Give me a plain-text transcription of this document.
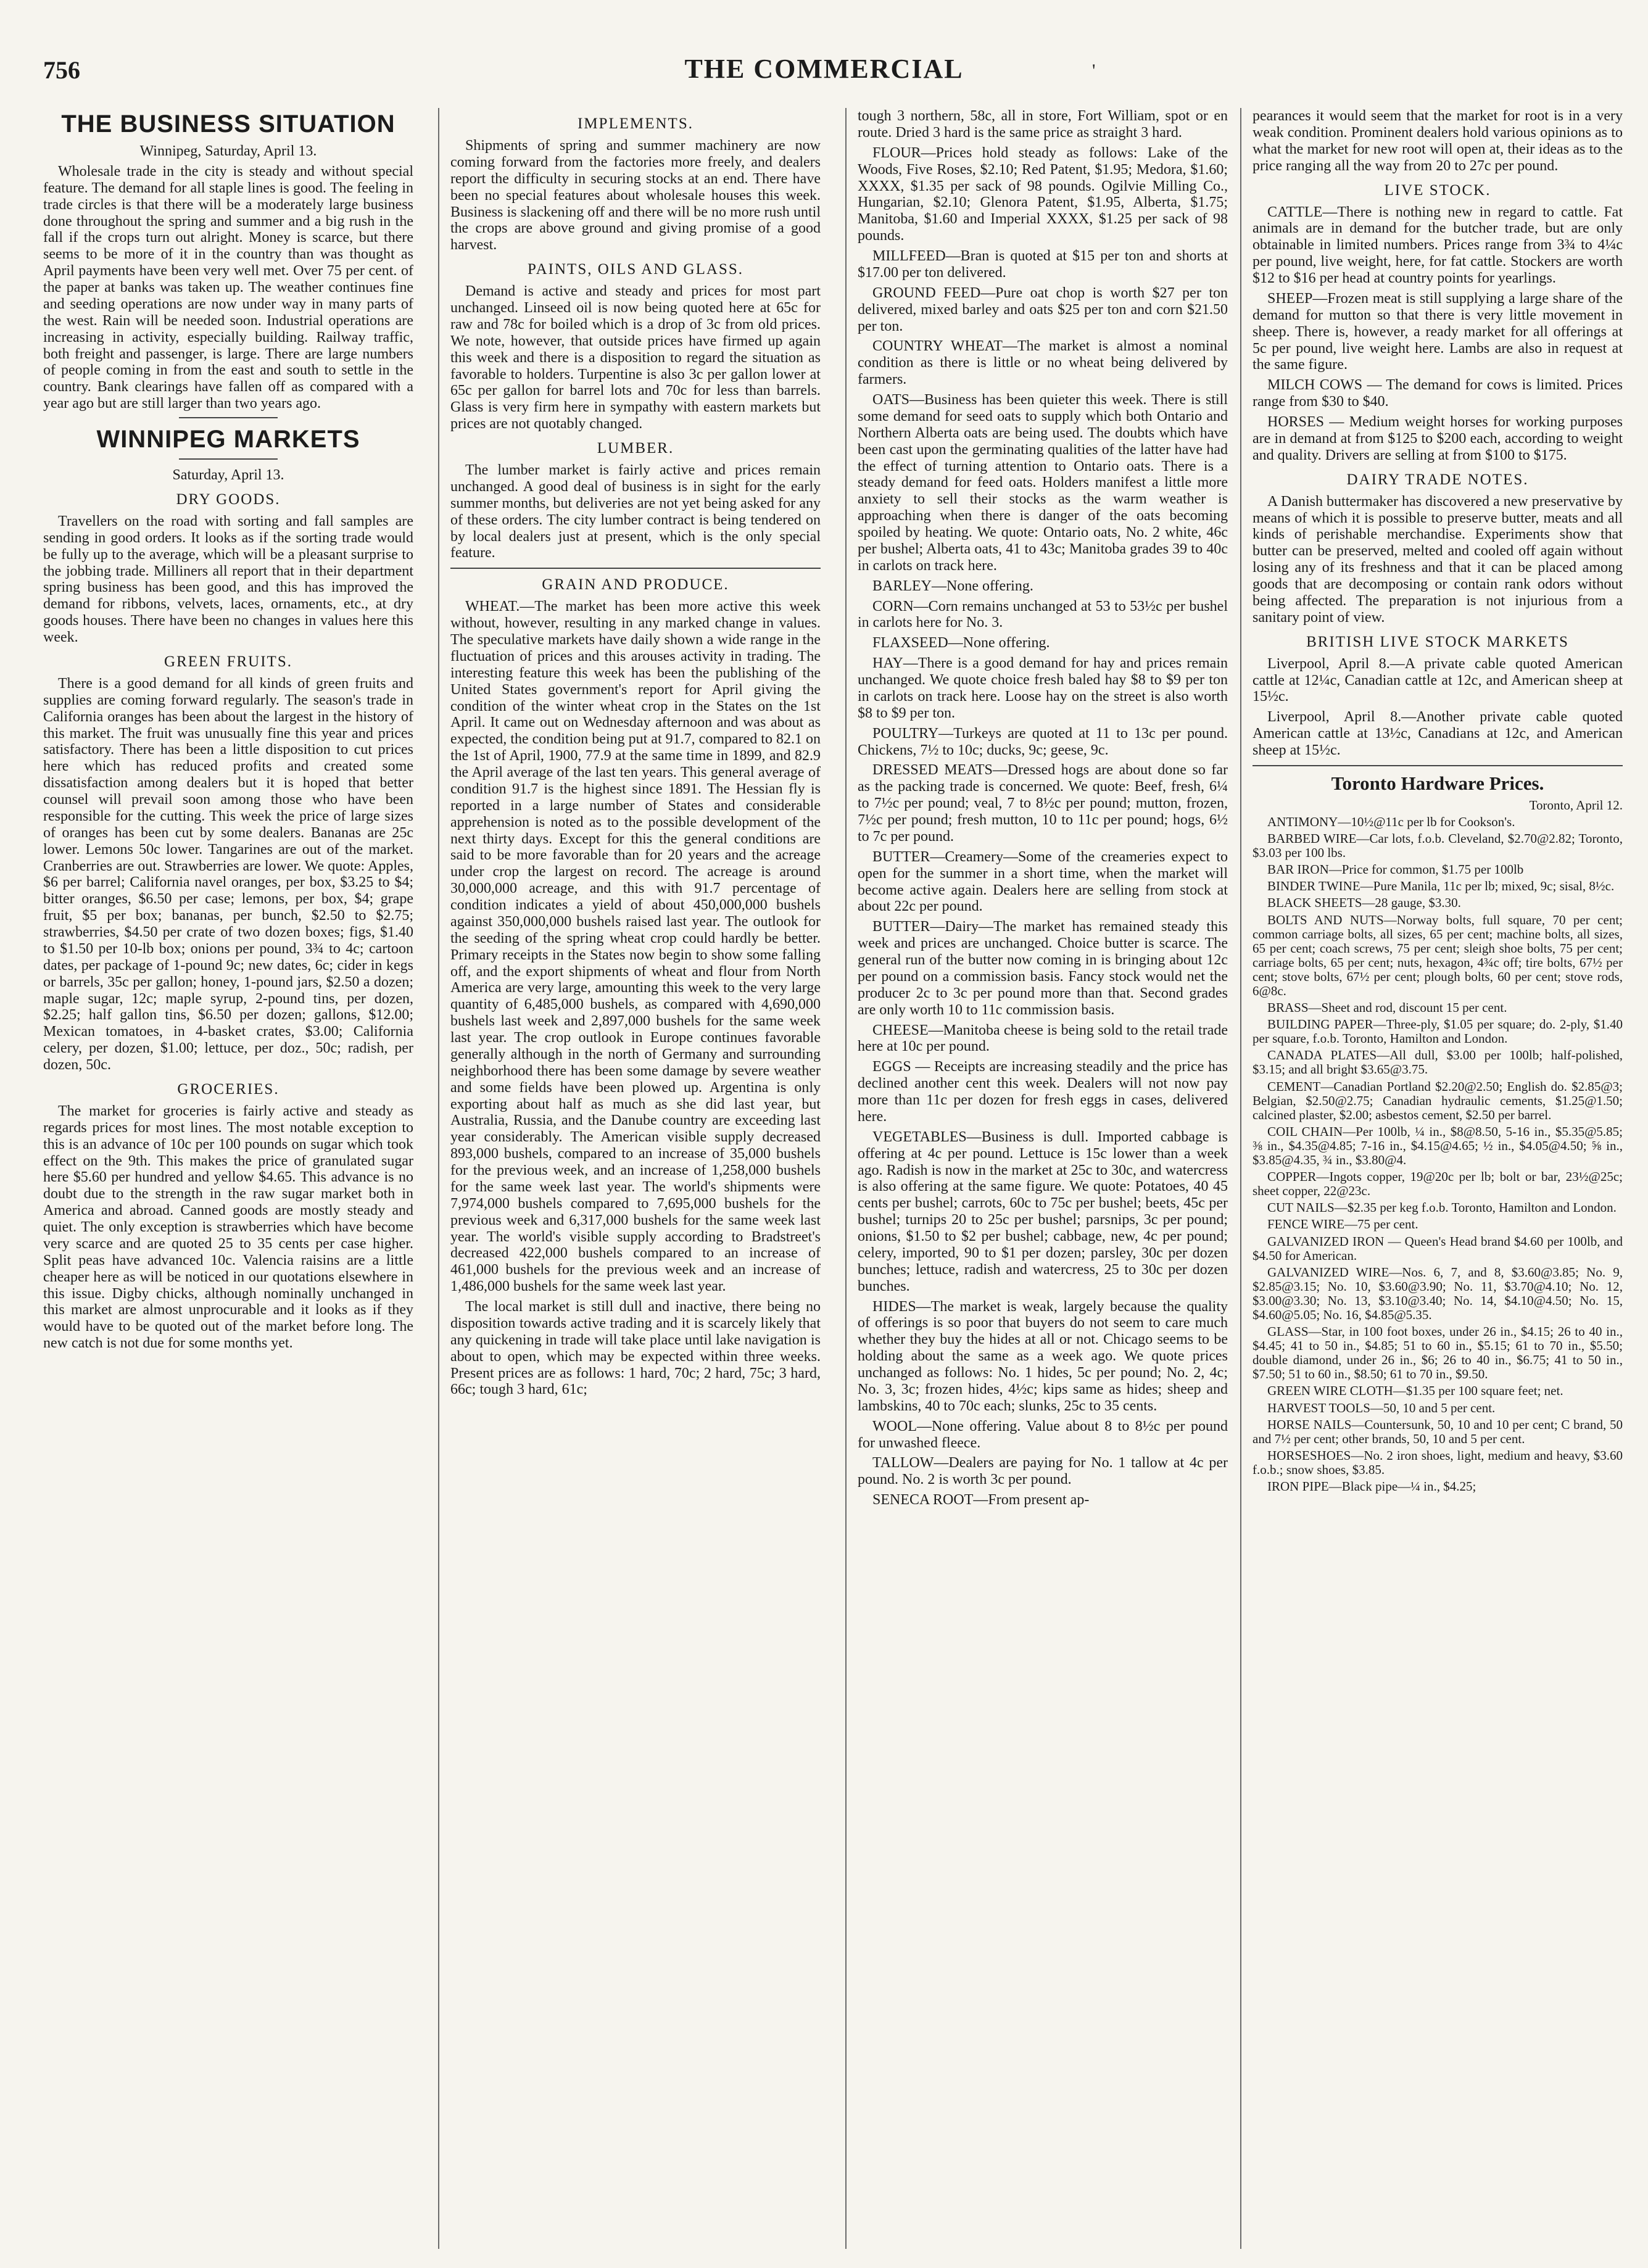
756	THE COMMERCIAL	'
THE BUSINESS SITUATION

Winnipeg, Saturday, April 13.

Wholesale trade in the city is steady and without special feature. The demand for all staple lines is good. The feeling in trade circles is that there will be a moderately large business done throughout the spring and summer and a big rush in the fall if the crops turn out alright. Money is scarce, but there seems to be more of it in the country than was thought as April payments have been very well met. Over 75 per cent. of the paper at banks was taken up. The weather continues fine and seeding operations are now under way in many parts of the west. Rain will be needed soon. Industrial operations are increasing in activity, especially building. Railway traffic, both freight and passenger, is large. There are large numbers of people coming in from the east and south to settle in the country. Bank clearings have fallen off as compared with a year ago but are still larger than two years ago.

WINNIPEG MARKETS

Saturday, April 13.

DRY GOODS.

Travellers on the road with sorting and fall samples are sending in good orders. It looks as if the sorting trade would be fully up to the average, which will be a pleasant surprise to the jobbing trade. Milliners all report that in their department spring business has been good, and this has improved the demand for ribbons, velvets, laces, ornaments, etc., at dry goods houses. There have been no changes in values here this week.

GREEN FRUITS.

There is a good demand for all kinds of green fruits and supplies are coming forward regularly. The season's trade in California oranges has been about the largest in the history of this market. The fruit was unusually fine this year and prices satisfactory. There has been a little disposition to cut prices here which has reduced profits and created some dissatisfaction among dealers but it is hoped that better counsel will prevail soon among those who have been responsible for the cutting. This week the price of large sizes of oranges has been cut by some dealers. Bananas are 25c lower. Lemons 50c lower. Tangarines are out of the market. Cranberries are out. Strawberries are lower. We quote: Apples, $6 per barrel; California navel oranges, per box, $3.25 to $4; bitter oranges, $6.50 per case; lemons, per box, $4; grape fruit, $5 per box; bananas, per bunch, $2.50 to $2.75; strawberries, $4.50 per crate of two dozen boxes; figs, $1.40 to $1.50 per 10-lb box; onions per pound, 3¾ to 4c; cartoon dates, per package of 1-pound 9c; new dates, 6c; cider in kegs or barrels, 35c per gallon; honey, 1-pound jars, $2.50 a dozen; maple sugar, 12c; maple syrup, 2-pound tins, per dozen, $2.25; half gallon tins, $6.50 per dozen; gallons, $12.00; Mexican tomatoes, in 4-basket crates, $3.00; California celery, per dozen, $1.00; lettuce, per doz., 50c; radish, per dozen, 50c.

GROCERIES.

The market for groceries is fairly active and steady as regards prices for most lines. The most notable exception to this is an advance of 10c per 100 pounds on sugar which took effect on the 9th. This makes the price of granulated sugar here $5.60 per hundred and yellow $4.65. This advance is no doubt due to the strength in the raw sugar market both in America and abroad. Canned goods are mostly steady and quiet. The only exception is strawberries which have become very scarce and are quoted 25 to 35 cents per case higher. Split peas have advanced 10c. Valencia raisins are a little cheaper here as will be noticed in our quotations elsewhere in this issue. Digby chicks, although nominally unchanged in this market are almost unprocurable and it looks as if they would have to be quoted out of the market before long. The new catch is not due for some months yet.

IMPLEMENTS.

Shipments of spring and summer machinery are now coming forward from the factories more freely, and dealers report the difficulty in securing stocks at an end. There have been no special features about wholesale houses this week. Business is slackening off and there will be no more rush until the crops are above ground and giving promise of a good harvest.

PAINTS, OILS AND GLASS.

Demand is active and steady and prices for most part unchanged. Linseed oil is now being quoted here at 65c for raw and 78c for boiled which is a drop of 3c from old prices. We note, however, that outside prices have firmed up again this week and there is a disposition to regard the situation as favorable to holders. Turpentine is also 3c per gallon lower at 65c per gallon for barrel lots and 70c for less than barrels. Glass is very firm here in sympathy with eastern markets but prices are not quotably changed.

LUMBER.

The lumber market is fairly active and prices remain unchanged. A good deal of business is in sight for the early summer months, but deliveries are not yet being asked for any of these orders. The city lumber contract is being tendered on by local dealers just at present, which is the only special feature.

GRAIN AND PRODUCE.

WHEAT.—The market has been more active this week without, however, resulting in any marked change in values. The speculative markets have daily shown a wide range in the fluctuation of prices and this arouses activity in trading. The interesting feature this week has been the publishing of the United States government's report for April giving the condition of the winter wheat crop in the States on the 1st April. It came out on Wednesday afternoon and was about as expected, the condition being put at 91.7, compared to 82.1 on the 1st of April, 1900, 77.9 at the same time in 1899, and 82.9 the April average of the last ten years. This general average of condition 91.7 is the highest since 1891. The Hessian fly is reported in a large number of States and considerable apprehension is noted as to the possible development of the next thirty days. Except for this the general conditions are said to be more favorable than for 20 years and the acreage under crop the largest on record. The acreage is around 30,000,000 acreage, and this with 91.7 percentage of condition indicates a yield of about 450,000,000 bushels against 350,000,000 bushels raised last year. The outlook for the seeding of the spring wheat crop could hardly be better. Primary receipts in the States now begin to show some falling off, and the export shipments of wheat and flour from North America are very large, amounting this week to the very large quantity of 6,485,000 bushels, as compared with 4,690,000 bushels last week and 2,897,000 bushels for the same week last year. The crop outlook in Europe continues favorable generally although in the north of Germany and surrounding neighborhood there has been some damage by severe weather and some fields have been plowed up. Argentina is only exporting about half as much as she did last year, but Australia, Russia, and the Danube country are exceeding last year considerably. The American visible supply decreased 893,000 bushels, compared to an increase of 35,000 bushels for the previous week, and an increase of 1,258,000 bushels for the same week last year. The world's shipments were 7,974,000 bushels compared to 7,695,000 bushels for the previous week and 6,317,000 bushels for the same week last year. The world's visible supply according to Bradstreet's decreased 422,000 bushels compared to an increase of 461,000 bushels for the previous week and an increase of 1,486,000 bushels for the same week last year.

The local market is still dull and inactive, there being no disposition towards active trading and it is scarcely likely that any quickening in trade will take place until lake navigation is about to open, which may be expected within three weeks. Present prices are as follows: 1 hard, 70c; 2 hard, 75c; 3 hard, 66c; tough 3 hard, 61c;

tough 3 northern, 58c, all in store, Fort William, spot or en route. Dried 3 hard is the same price as straight 3 hard.

FLOUR—Prices hold steady as follows: Lake of the Woods, Five Roses, $2.10; Red Patent, $1.95; Medora, $1.60; XXXX, $1.35 per sack of 98 pounds. Ogilvie Milling Co., Hungarian, $2.10; Glenora Patent, $1.95, Alberta, $1.75; Manitoba, $1.60 and Imperial XXXX, $1.25 per sack of 98 pounds.

MILLFEED—Bran is quoted at $15 per ton and shorts at $17.00 per ton delivered.

GROUND FEED—Pure oat chop is worth $27 per ton delivered, mixed barley and oats $25 per ton and corn $21.50 per ton.

COUNTRY WHEAT—The market is almost a nominal condition as there is little or no wheat being delivered by farmers.

OATS—Business has been quieter this week. There is still some demand for seed oats to supply which both Ontario and Northern Alberta oats are being used. The doubts which have been cast upon the germinating qualities of the latter have had the effect of turning attention to Ontario oats. There is a steady demand for feed oats. Holders manifest a little more anxiety to sell their stocks as the warm weather is approaching when there is danger of the oats becoming spoiled by heating. We quote: Ontario oats, No. 2 white, 46c per bushel; Alberta oats, 41 to 43c; Manitoba grades 39 to 40c in carlots on track here.

BARLEY—None offering.

CORN—Corn remains unchanged at 53 to 53½c per bushel in carlots here for No. 3.

FLAXSEED—None offering.

HAY—There is a good demand for hay and prices remain unchanged. We quote choice fresh baled hay $8 to $9 per ton in carlots on track here. Loose hay on the street is also worth $8 to $9 per ton.

POULTRY—Turkeys are quoted at 11 to 13c per pound. Chickens, 7½ to 10c; ducks, 9c; geese, 9c.

DRESSED MEATS—Dressed hogs are about done so far as the packing trade is concerned. We quote: Beef, fresh, 6¼ to 7½c per pound; veal, 7 to 8½c per pound; mutton, frozen, 7½c per pound; fresh mutton, 10 to 11c per pound; hogs, 6½ to 7c per pound.

BUTTER—Creamery—Some of the creameries expect to open for the summer in a short time, when the market will become active again. Dealers here are selling from stock at about 22c per pound.

BUTTER—Dairy—The market has remained steady this week and prices are unchanged. Choice butter is scarce. The general run of the butter now coming in is bringing about 12c per pound on a commission basis. Fancy stock would net the producer 2c to 3c per pound more than that. Second grades are only worth 10 to 11c commission basis.

CHEESE—Manitoba cheese is being sold to the retail trade here at 10c per pound.

EGGS — Receipts are increasing steadily and the price has declined another cent this week. Dealers will not now pay more than 11c per dozen for fresh eggs in cases, delivered here.

VEGETABLES—Business is dull. Imported cabbage is offering at 4c per pound. Lettuce is 15c lower than a week ago. Radish is now in the market at 25c to 30c, and watercress is also offering at the same figure. We quote: Potatoes, 40 45 cents per bushel; carrots, 60c to 75c per bushel; beets, 45c per bushel; turnips 20 to 25c per bushel; parsnips, 3c per pound; onions, $1.50 to $2 per bushel; cabbage, new, 4c per pound; celery, imported, 90 to $1 per dozen; parsley, 30c per dozen bunches; lettuce, radish and watercress, 25 to 30c per dozen bunches.

HIDES—The market is weak, largely because the quality of offerings is so poor that buyers do not seem to care much whether they buy the hides at all or not. Chicago seems to be holding about the same as a week ago. We quote prices unchanged as follows: No. 1 hides, 5c per pound; No. 2, 4c; No. 3, 3c; frozen hides, 4½c; kips same as hides; sheep and lambskins, 40 to 70c each; slunks, 25c to 35 cents.

WOOL—None offering. Value about 8 to 8½c per pound for unwashed fleece.

TALLOW—Dealers are paying for No. 1 tallow at 4c per pound. No. 2 is worth 3c per pound.

SENECA ROOT—From present ap-

pearances it would seem that the market for root is in a very weak condition. Prominent dealers hold various opinions as to what the market for new root will open at, their ideas as to the price ranging all the way from 20 to 27c per pound.

LIVE STOCK.

CATTLE—There is nothing new in regard to cattle. Fat animals are in demand for the butcher trade, but are only obtainable in limited numbers. Prices range from 3¾ to 4¼c per pound, live weight, here, for fat cattle. Stockers are worth $12 to $16 per head at country points for yearlings.

SHEEP—Frozen meat is still supplying a large share of the demand for mutton so that there is very little movement in sheep. There is, however, a ready market for all offerings at 5c per pound, live weight here. Lambs are also in request at the same figure.

MILCH COWS — The demand for cows is limited. Prices range from $30 to $40.

HORSES — Medium weight horses for working purposes are in demand at from $125 to $200 each, according to weight and quality. Drivers are selling at from $100 to $175.

DAIRY TRADE NOTES.

A Danish buttermaker has discovered a new preservative by means of which it is possible to preserve butter, meats and all kinds of perishable merchandise. Experiments show that butter can be preserved, melted and cooled off again without losing any of its freshness and that it can be placed among goods that are decomposing or contain rank odors without being affected. The preparation is not injurious from a sanitary point of view.

BRITISH LIVE STOCK MARKETS

Liverpool, April 8.—A private cable quoted American cattle at 12¼c, Canadian cattle at 12c, and American sheep at 15½c.

Liverpool, April 8.—Another private cable quoted American cattle at 13½c, Canadians at 12c, and American sheep at 15½c.

Toronto Hardware Prices.

Toronto, April 12.

ANTIMONY—10½@11c per lb for Cookson's.

BARBED WIRE—Car lots, f.o.b. Cleveland, $2.70@2.82; Toronto, $3.03 per 100 lbs.

BAR IRON—Price for common, $1.75 per 100lb

BINDER TWINE—Pure Manila, 11c per lb; mixed, 9c; sisal, 8½c.

BLACK SHEETS—28 gauge, $3.30.

BOLTS AND NUTS—Norway bolts, full square, 70 per cent; common carriage bolts, all sizes, 65 per cent; machine bolts, all sizes, 65 per cent; coach screws, 75 per cent; sleigh shoe bolts, 75 per cent; carriage bolts, 65 per cent; nuts, hexagon, 4¾c off; tire bolts, 67½ per cent; stove bolts, 67½ per cent; plough bolts, 60 per cent; stove rods, 6@8c.

BRASS—Sheet and rod, discount 15 per cent.

BUILDING PAPER—Three-ply, $1.05 per square; do. 2-ply, $1.40 per square, f.o.b. Toronto, Hamilton and London.

CANADA PLATES—All dull, $3.00 per 100lb; half-polished, $3.15; and all bright $3.65@3.75.

CEMENT—Canadian Portland $2.20@2.50; English do. $2.85@3; Belgian, $2.50@2.75; Canadian hydraulic cements, $1.25@1.50; calcined plaster, $2.00; asbestos cement, $2.50 per barrel.

COIL CHAIN—Per 100lb, ¼ in., $8@8.50, 5-16 in., $5.35@5.85; ⅜ in., $4.35@4.85; 7-16 in., $4.15@4.65; ½ in., $4.05@4.50; ⅝ in., $3.85@4.35, ¾ in., $3.80@4.

COPPER—Ingots copper, 19@20c per lb; bolt or bar, 23½@25c; sheet copper, 22@23c.

CUT NAILS—$2.35 per keg f.o.b. Toronto, Hamilton and London.

FENCE WIRE—75 per cent.

GALVANIZED IRON — Queen's Head brand $4.60 per 100lb, and $4.50 for American.

GALVANIZED WIRE—Nos. 6, 7, and 8, $3.60@3.85; No. 9, $2.85@3.15; No. 10, $3.60@3.90; No. 11, $3.70@4.10; No. 12, $3.00@3.30; No. 13, $3.10@3.40; No. 14, $4.10@4.50; No. 15, $4.60@5.05; No. 16, $4.85@5.35.

GLASS—Star, in 100 foot boxes, under 26 in., $4.15; 26 to 40 in., $4.45; 41 to 50 in., $4.85; 51 to 60 in., $5.15; 61 to 70 in., $5.50; double diamond, under 26 in., $6; 26 to 40 in., $6.75; 41 to 50 in., $7.50; 51 to 60 in., $8.50; 61 to 70 in., $9.50.

GREEN WIRE CLOTH—$1.35 per 100 square feet; net.

HARVEST TOOLS—50, 10 and 5 per cent.

HORSE NAILS—Countersunk, 50, 10 and 10 per cent; C brand, 50 and 7½ per cent; other brands, 50, 10 and 5 per cent.

HORSESHOES—No. 2 iron shoes, light, medium and heavy, $3.60 f.o.b.; snow shoes, $3.85.

IRON PIPE—Black pipe—¼ in., $4.25;
